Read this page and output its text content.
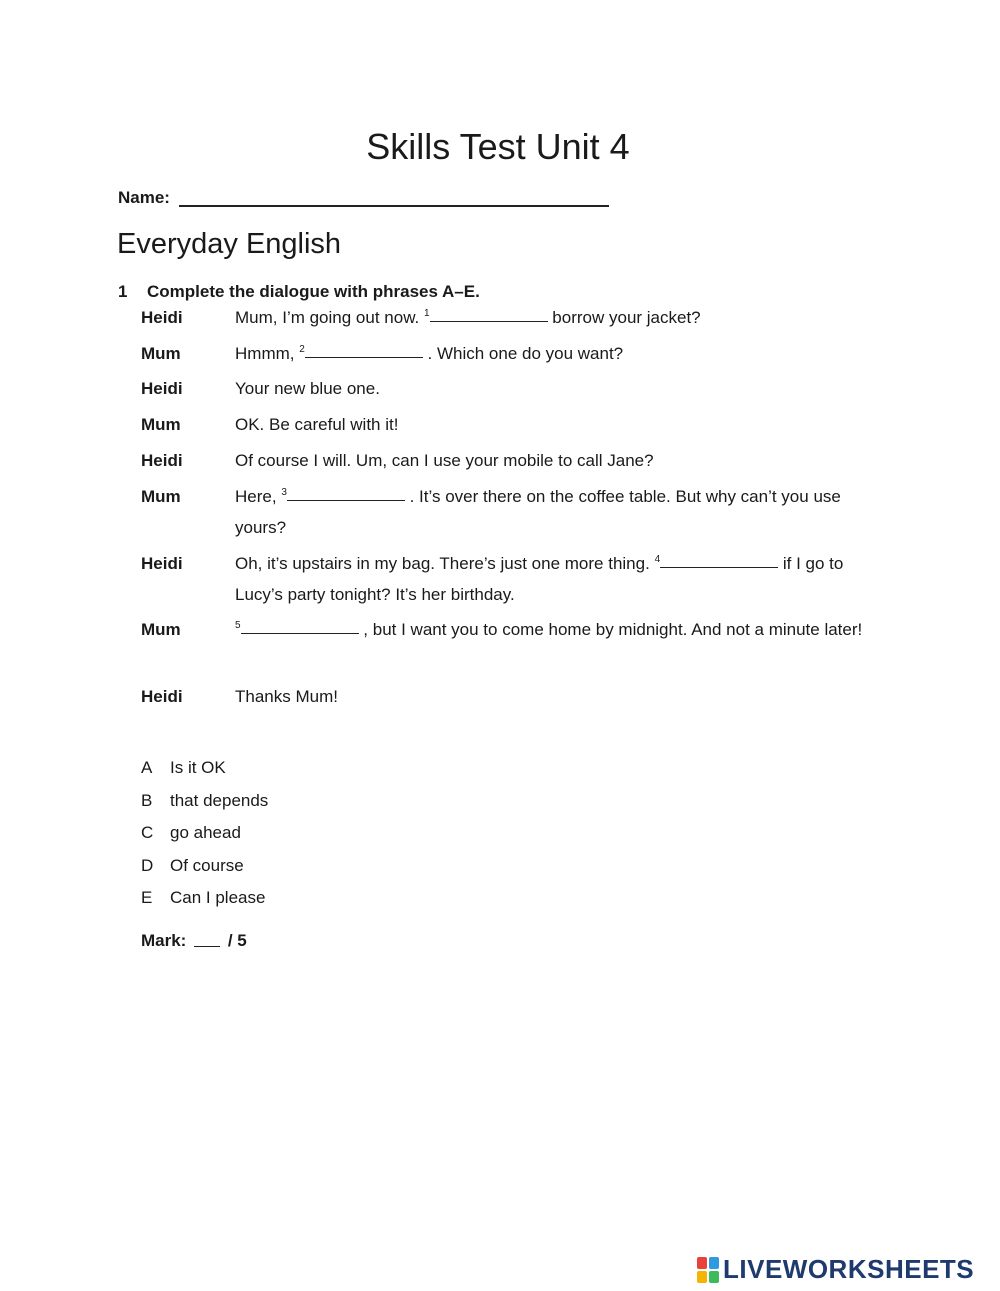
Skills Test Unit 4
Name:
Everyday English
1 Complete the dialogue with phrases A–E.
Heidi	Mum, I’m going out now. $^1$	borrow your jacket?
Mum	Hmmm, $^2$	. Which one do you want?
Heidi	Your new blue one.
Mum	OK. Be careful with it!
Heidi	Of course I will. Um, can I use your mobile to call Jane?
Mum	Here, $^3$	. It’s over there on the coffee table. But why can’t you use yours?
Heidi	Oh, it’s upstairs in my bag. There’s just one more thing. $^4$	if I go to Lucy’s party tonight? It’s her birthday.
Mum	$^5$	, but I want you to come home by midnight. And not a minute later!
Heidi	Thanks Mum!
A Is it OK
B that depends
C go ahead
D Of course
E Can I please
Mark: / 5
LIVEWORKSHEETS
